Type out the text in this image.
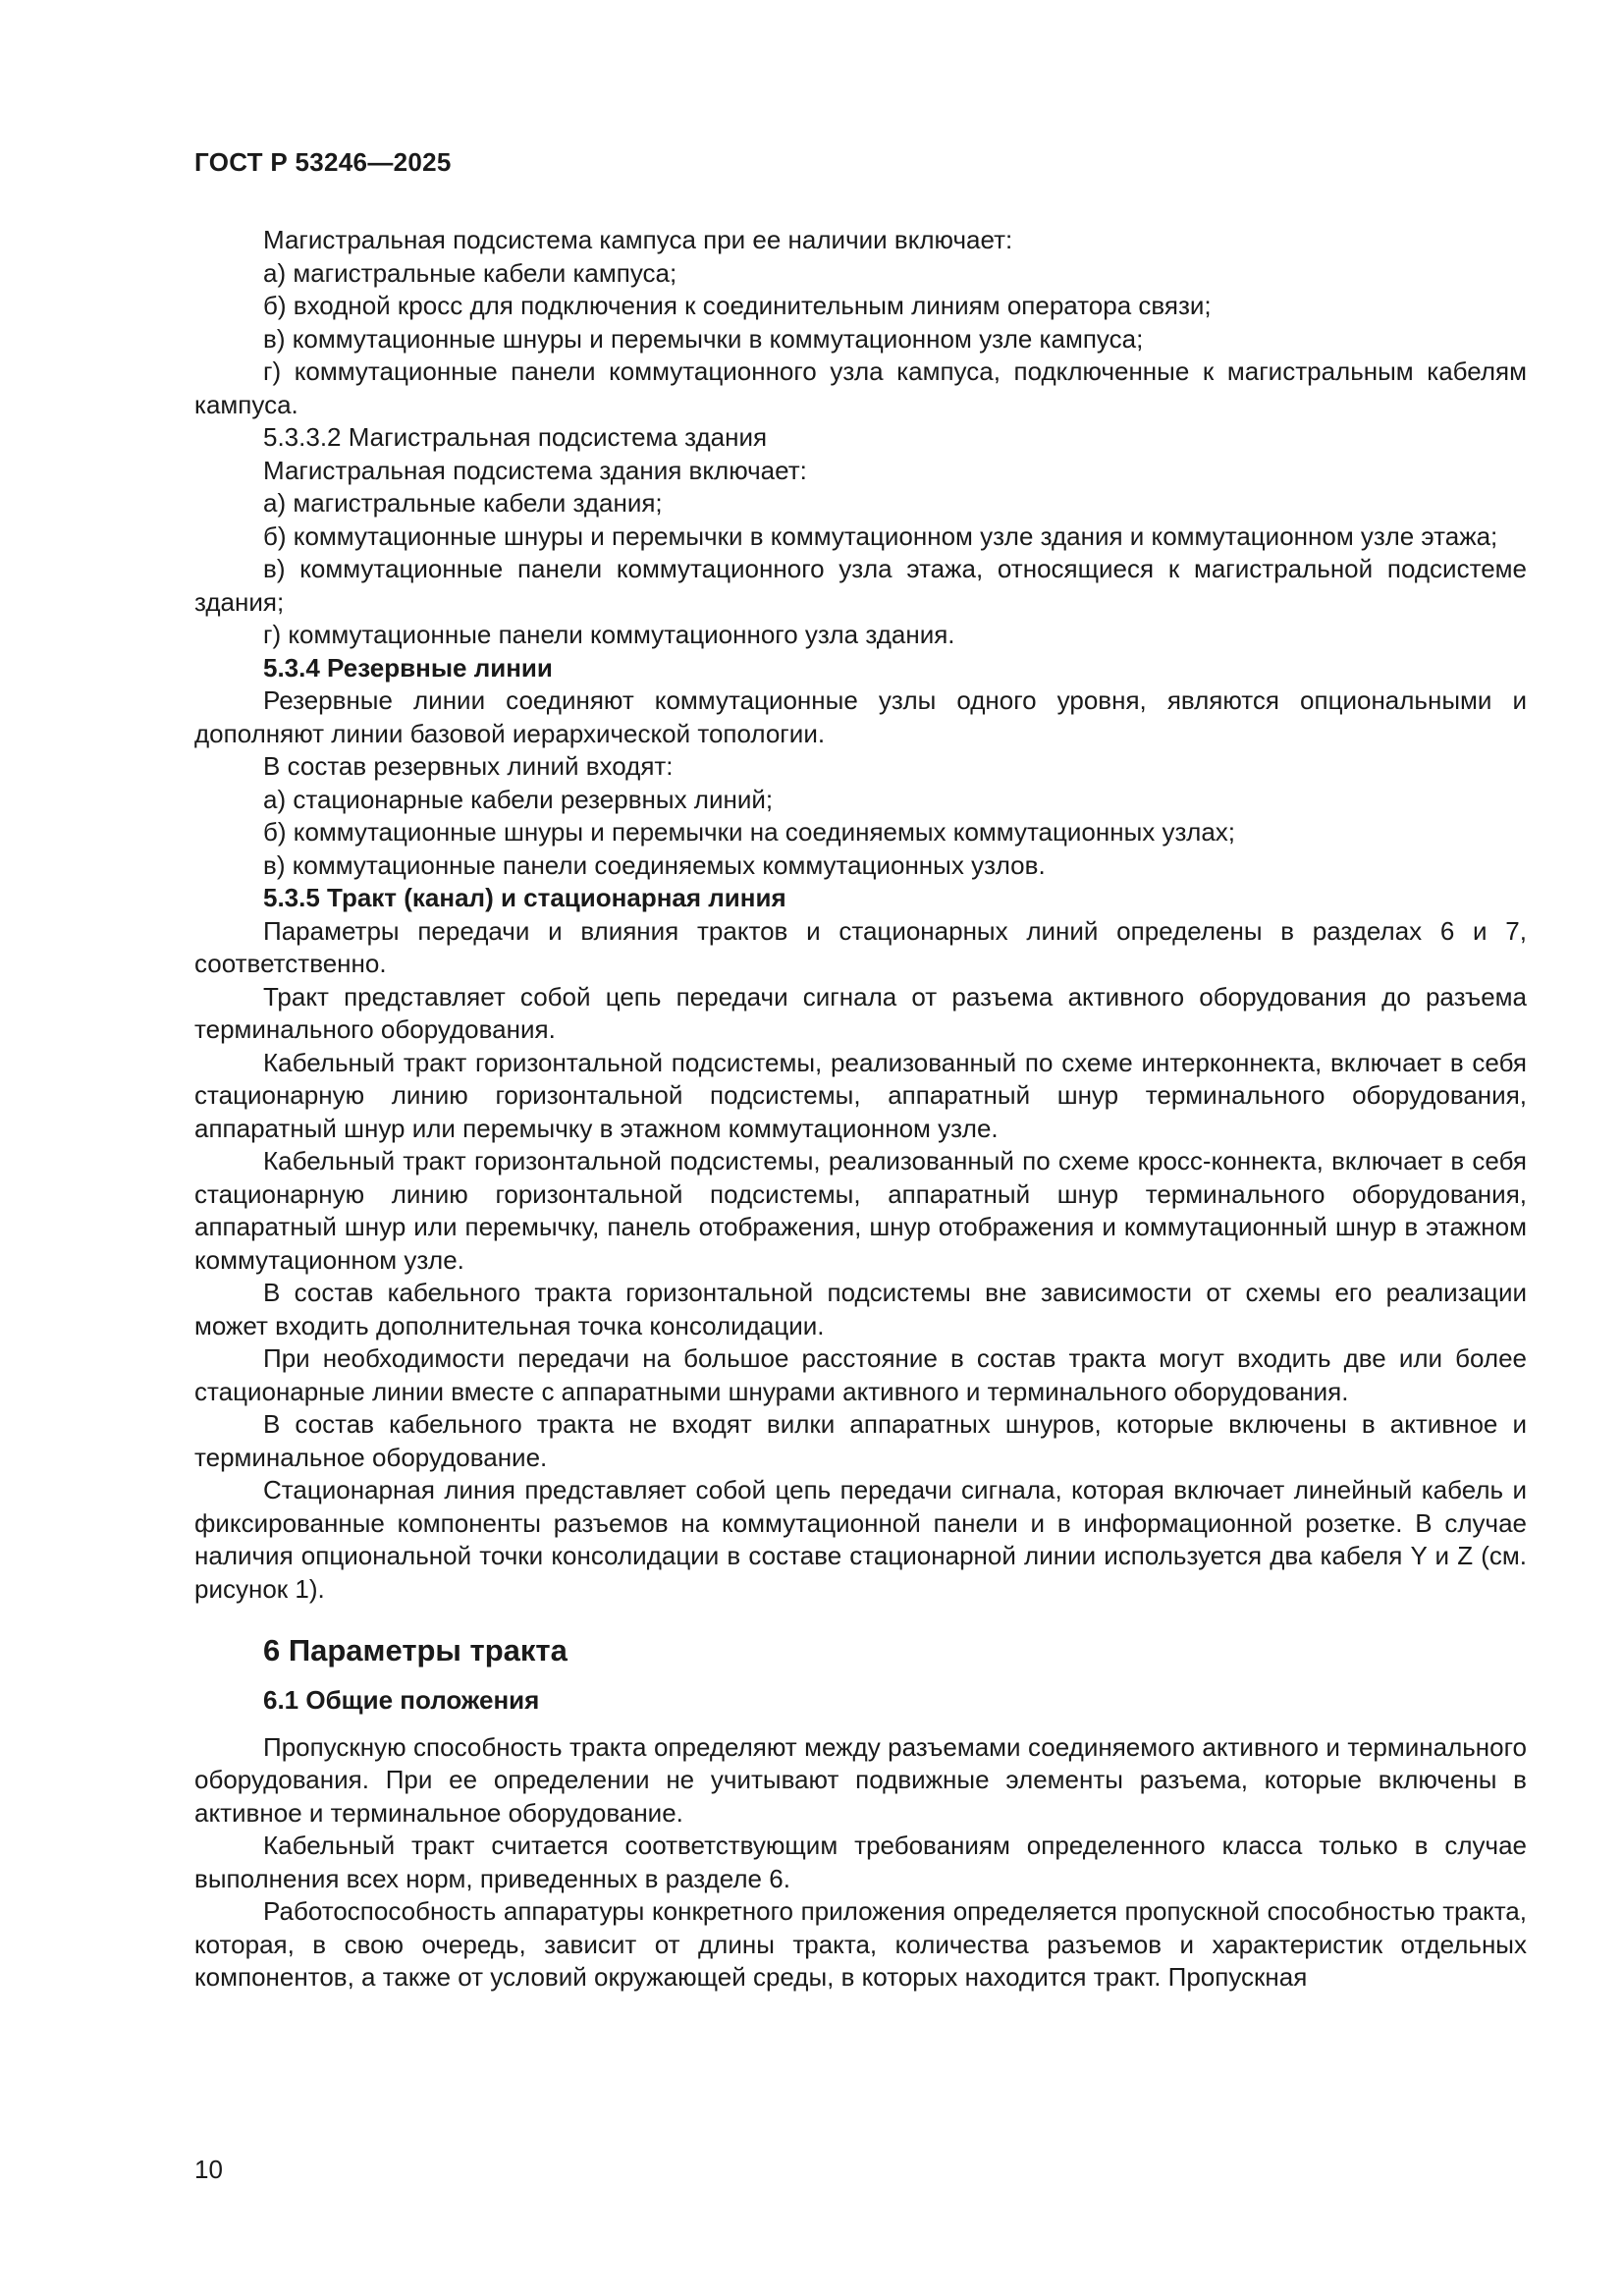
ГОСТ Р 53246—2025

Магистральная подсистема кампуса при ее наличии включает:

а) магистральные кабели кампуса;

б) входной кросс для подключения к соединительным линиям оператора связи;

в) коммутационные шнуры и перемычки в коммутационном узле кампуса;

г) коммутационные панели коммутационного узла кампуса, подключенные к магистральным кабелям кампуса.

5.3.3.2 Магистральная подсистема здания

Магистральная подсистема здания включает:

а) магистральные кабели здания;

б) коммутационные шнуры и перемычки в коммутационном узле здания и коммутационном узле этажа;

в) коммутационные панели коммутационного узла этажа, относящиеся к магистральной подсистеме здания;

г) коммутационные панели коммутационного узла здания.

5.3.4 Резервные линии

Резервные линии соединяют коммутационные узлы одного уровня, являются опциональными и дополняют линии базовой иерархической топологии.

В состав резервных линий входят:

а) стационарные кабели резервных линий;

б) коммутационные шнуры и перемычки на соединяемых коммутационных узлах;

в) коммутационные панели соединяемых коммутационных узлов.

5.3.5 Тракт (канал) и стационарная линия

Параметры передачи и влияния трактов и стационарных линий определены в разделах 6 и 7, соответственно.

Тракт представляет собой цепь передачи сигнала от разъема активного оборудования до разъема терминального оборудования.

Кабельный тракт горизонтальной подсистемы, реализованный по схеме интерконнекта, включает в себя стационарную линию горизонтальной подсистемы, аппаратный шнур терминального оборудования, аппаратный шнур или перемычку в этажном коммутационном узле.

Кабельный тракт горизонтальной подсистемы, реализованный по схеме кросс-коннекта, включает в себя стационарную линию горизонтальной подсистемы, аппаратный шнур терминального оборудования, аппаратный шнур или перемычку, панель отображения, шнур отображения и коммутационный шнур в этажном коммутационном узле.

В состав кабельного тракта горизонтальной подсистемы вне зависимости от схемы его реализации может входить дополнительная точка консолидации.

При необходимости передачи на большое расстояние в состав тракта могут входить две или более стационарные линии вместе с аппаратными шнурами активного и терминального оборудования.

В состав кабельного тракта не входят вилки аппаратных шнуров, которые включены в активное и терминальное оборудование.

Стационарная линия представляет собой цепь передачи сигнала, которая включает линейный кабель и фиксированные компоненты разъемов на коммутационной панели и в информационной розетке. В случае наличия опциональной точки консолидации в составе стационарной линии используется два кабеля Y и Z (см. рисунок 1).

6 Параметры тракта
6.1 Общие положения

Пропускную способность тракта определяют между разъемами соединяемого активного и терминального оборудования. При ее определении не учитывают подвижные элементы разъема, которые включены в активное и терминальное оборудование.

Кабельный тракт считается соответствующим требованиям определенного класса только в случае выполнения всех норм, приведенных в разделе 6.

Работоспособность аппаратуры конкретного приложения определяется пропускной способностью тракта, которая, в свою очередь, зависит от длины тракта, количества разъемов и характеристик отдельных компонентов, а также от условий окружающей среды, в которых находится тракт. Пропускная

10
